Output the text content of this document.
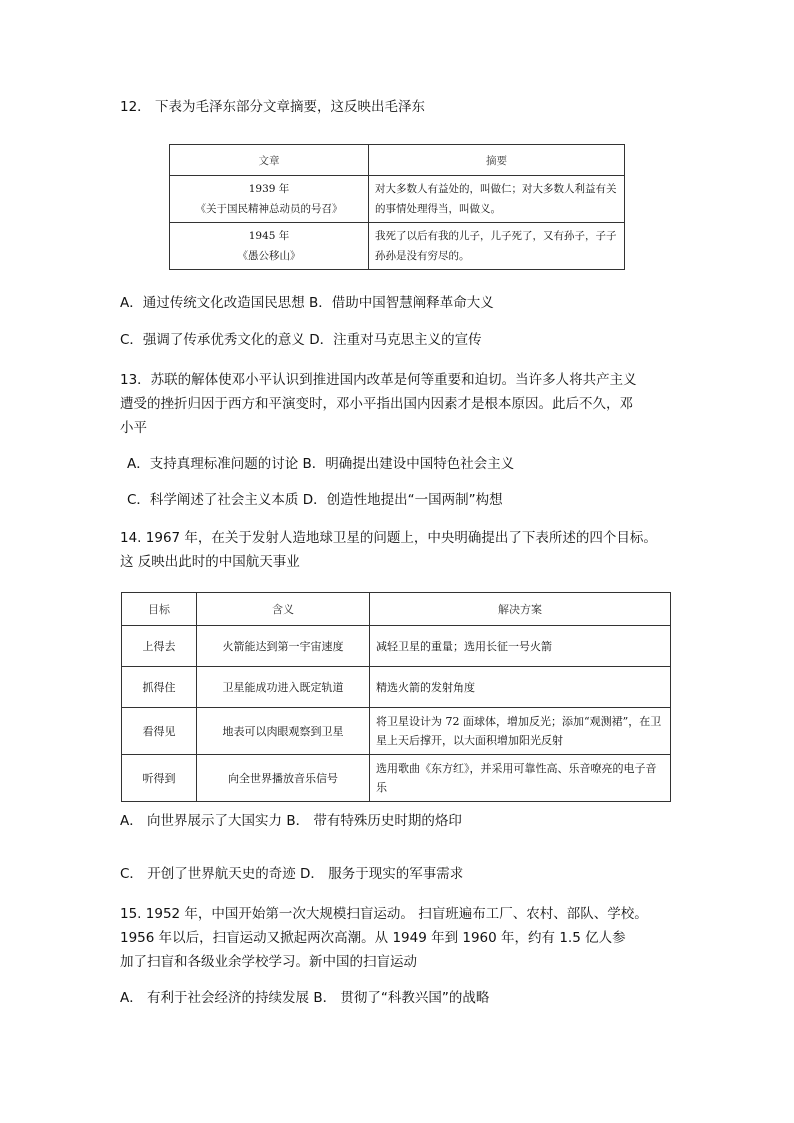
12． 下表为毛泽东部分文章摘要，这反映出毛泽东
文章	摘要

1939 年
《关于国民精神总动员的号召》	对大多数人有益处的，叫做仁；对大多数人利益有关的事情处理得当，叫做义。

1945 年
《愚公移山》	我死了以后有我的儿子，儿子死了，又有孙子，子子孙孙是没有穷尽的。
A．通过传统文化改造国民思想 B．借助中国智慧阐释革命大义
C．强调了传承优秀文化的意义 D．注重对马克思主义的宣传
13．苏联的解体使邓小平认识到推进国内改革是何等重要和迫切。当许多人将共产主义
遭受的挫折归因于西方和平演变时，邓小平指出国内因素才是根本原因。此后不久，邓
小平
A．支持真理标准问题的讨论 B．明确提出建设中国特色社会主义
C．科学阐述了社会主义本质 D．创造性地提出“一国两制”构想
14. 1967 年，在关于发射人造地球卫星的问题上，中央明确提出了下表所述的四个目标。
这 反映出此时的中国航天事业
目标	含义	解决方案
上得去	火箭能达到第一宇宙速度	减轻卫星的重量；选用长征一号火箭
抓得住	卫星能成功进入既定轨道	精选火箭的发射角度
看得见	地表可以肉眼观察到卫星	将卫星设计为 72 面球体，增加反光；添加“观测裙”，在卫星上天后撑开，以大面积增加阳光反射
听得到	向全世界播放音乐信号	选用歌曲《东方红》，并采用可靠性高、乐音嘹亮的电子音乐
A． 向世界展示了大国实力 B． 带有特殊历史时期的烙印
C． 开创了世界航天史的奇迹 D． 服务于现实的军事需求
15. 1952 年，中国开始第一次大规模扫盲运动。 扫盲班遍布工厂、农村、部队、学校。
1956 年以后，扫盲运动又掀起两次高潮。从 1949 年到 1960 年，约有 1.5 亿人参
加了扫盲和各级业余学校学习。新中国的扫盲运动
A． 有利于社会经济的持续发展 B． 贯彻了“科教兴国”的战略
